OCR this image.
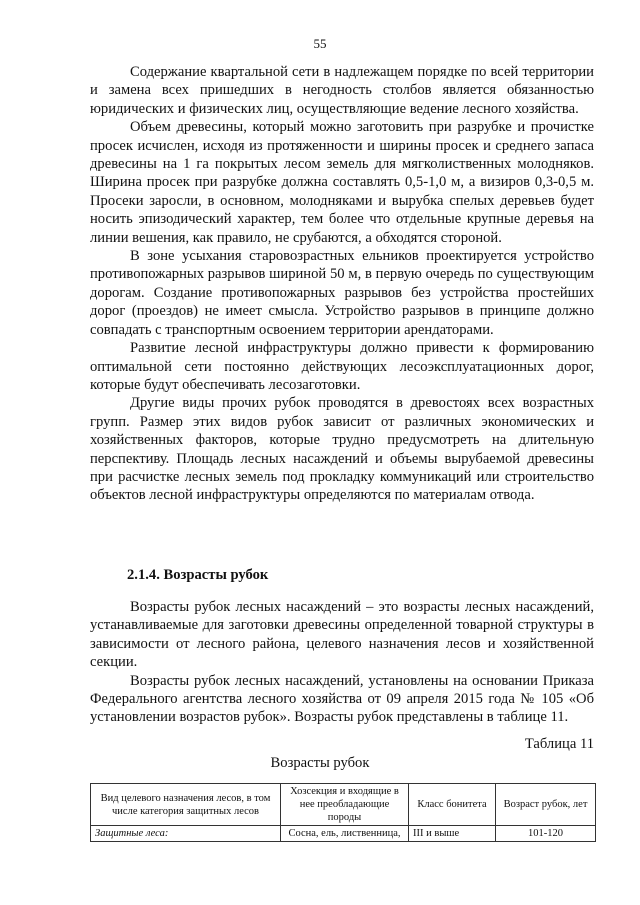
55

Содержание квартальной сети в надлежащем порядке по всей территории и замена всех пришедших в негодность столбов является обязанностью юридических и физических лиц, осуществляющие ведение лесного хозяйства.

Объем древесины, который можно заготовить при разрубке и прочистке просек исчислен, исходя из протяженности и ширины просек и среднего запаса древесины на 1 га покрытых лесом земель для мягколиственных молодняков. Ширина просек при разрубке должна составлять 0,5-1,0 м, а визиров 0,3-0,5 м. Просеки заросли, в основном, молодняками и вырубка спелых деревьев будет носить эпизодический характер, тем более что отдельные крупные деревья на линии вешения, как правило, не срубаются, а обходятся стороной.

В зоне усыхания старовозрастных ельников проектируется устройство противопожарных разрывов шириной 50 м, в первую очередь по существующим дорогам. Создание противопожарных разрывов без устройства простейших дорог (проездов) не имеет смысла. Устройство разрывов в принципе должно совпадать с транспортным освоением территории арендаторами.

Развитие лесной инфраструктуры должно привести к формированию оптимальной сети постоянно действующих лесоэксплуатационных дорог, которые будут обеспечивать лесозаготовки.

Другие виды прочих рубок проводятся в древостоях всех возрастных групп. Размер этих видов рубок зависит от различных экономических и хозяйственных факторов, которые трудно предусмотреть на длительную перспективу. Площадь лесных насаждений и объемы вырубаемой древесины при расчистке лесных земель под прокладку коммуникаций или строительство объектов лесной инфраструктуры определяются по материалам отвода.

2.1.4. Возрасты рубок

Возрасты рубок лесных насаждений – это возрасты лесных насаждений, устанавливаемые для заготовки древесины определенной товарной структуры в зависимости от лесного района, целевого назначения лесов и хозяйственной секции.

Возрасты рубок лесных насаждений, установлены на основании Приказа Федерального агентства лесного хозяйства от 09 апреля 2015 года № 105 «Об установлении возрастов рубок». Возрасты рубок представлены в таблице 11.

Таблица 11
Возрасты рубок
Вид целевого назначения лесов, в том числе категория защитных лесов	Хозсекция и входящие в нее преобладающие породы	Класс бонитета	Возраст рубок, лет
Защитные леса:	Сосна, ель, лиственница,	III и выше	101-120
